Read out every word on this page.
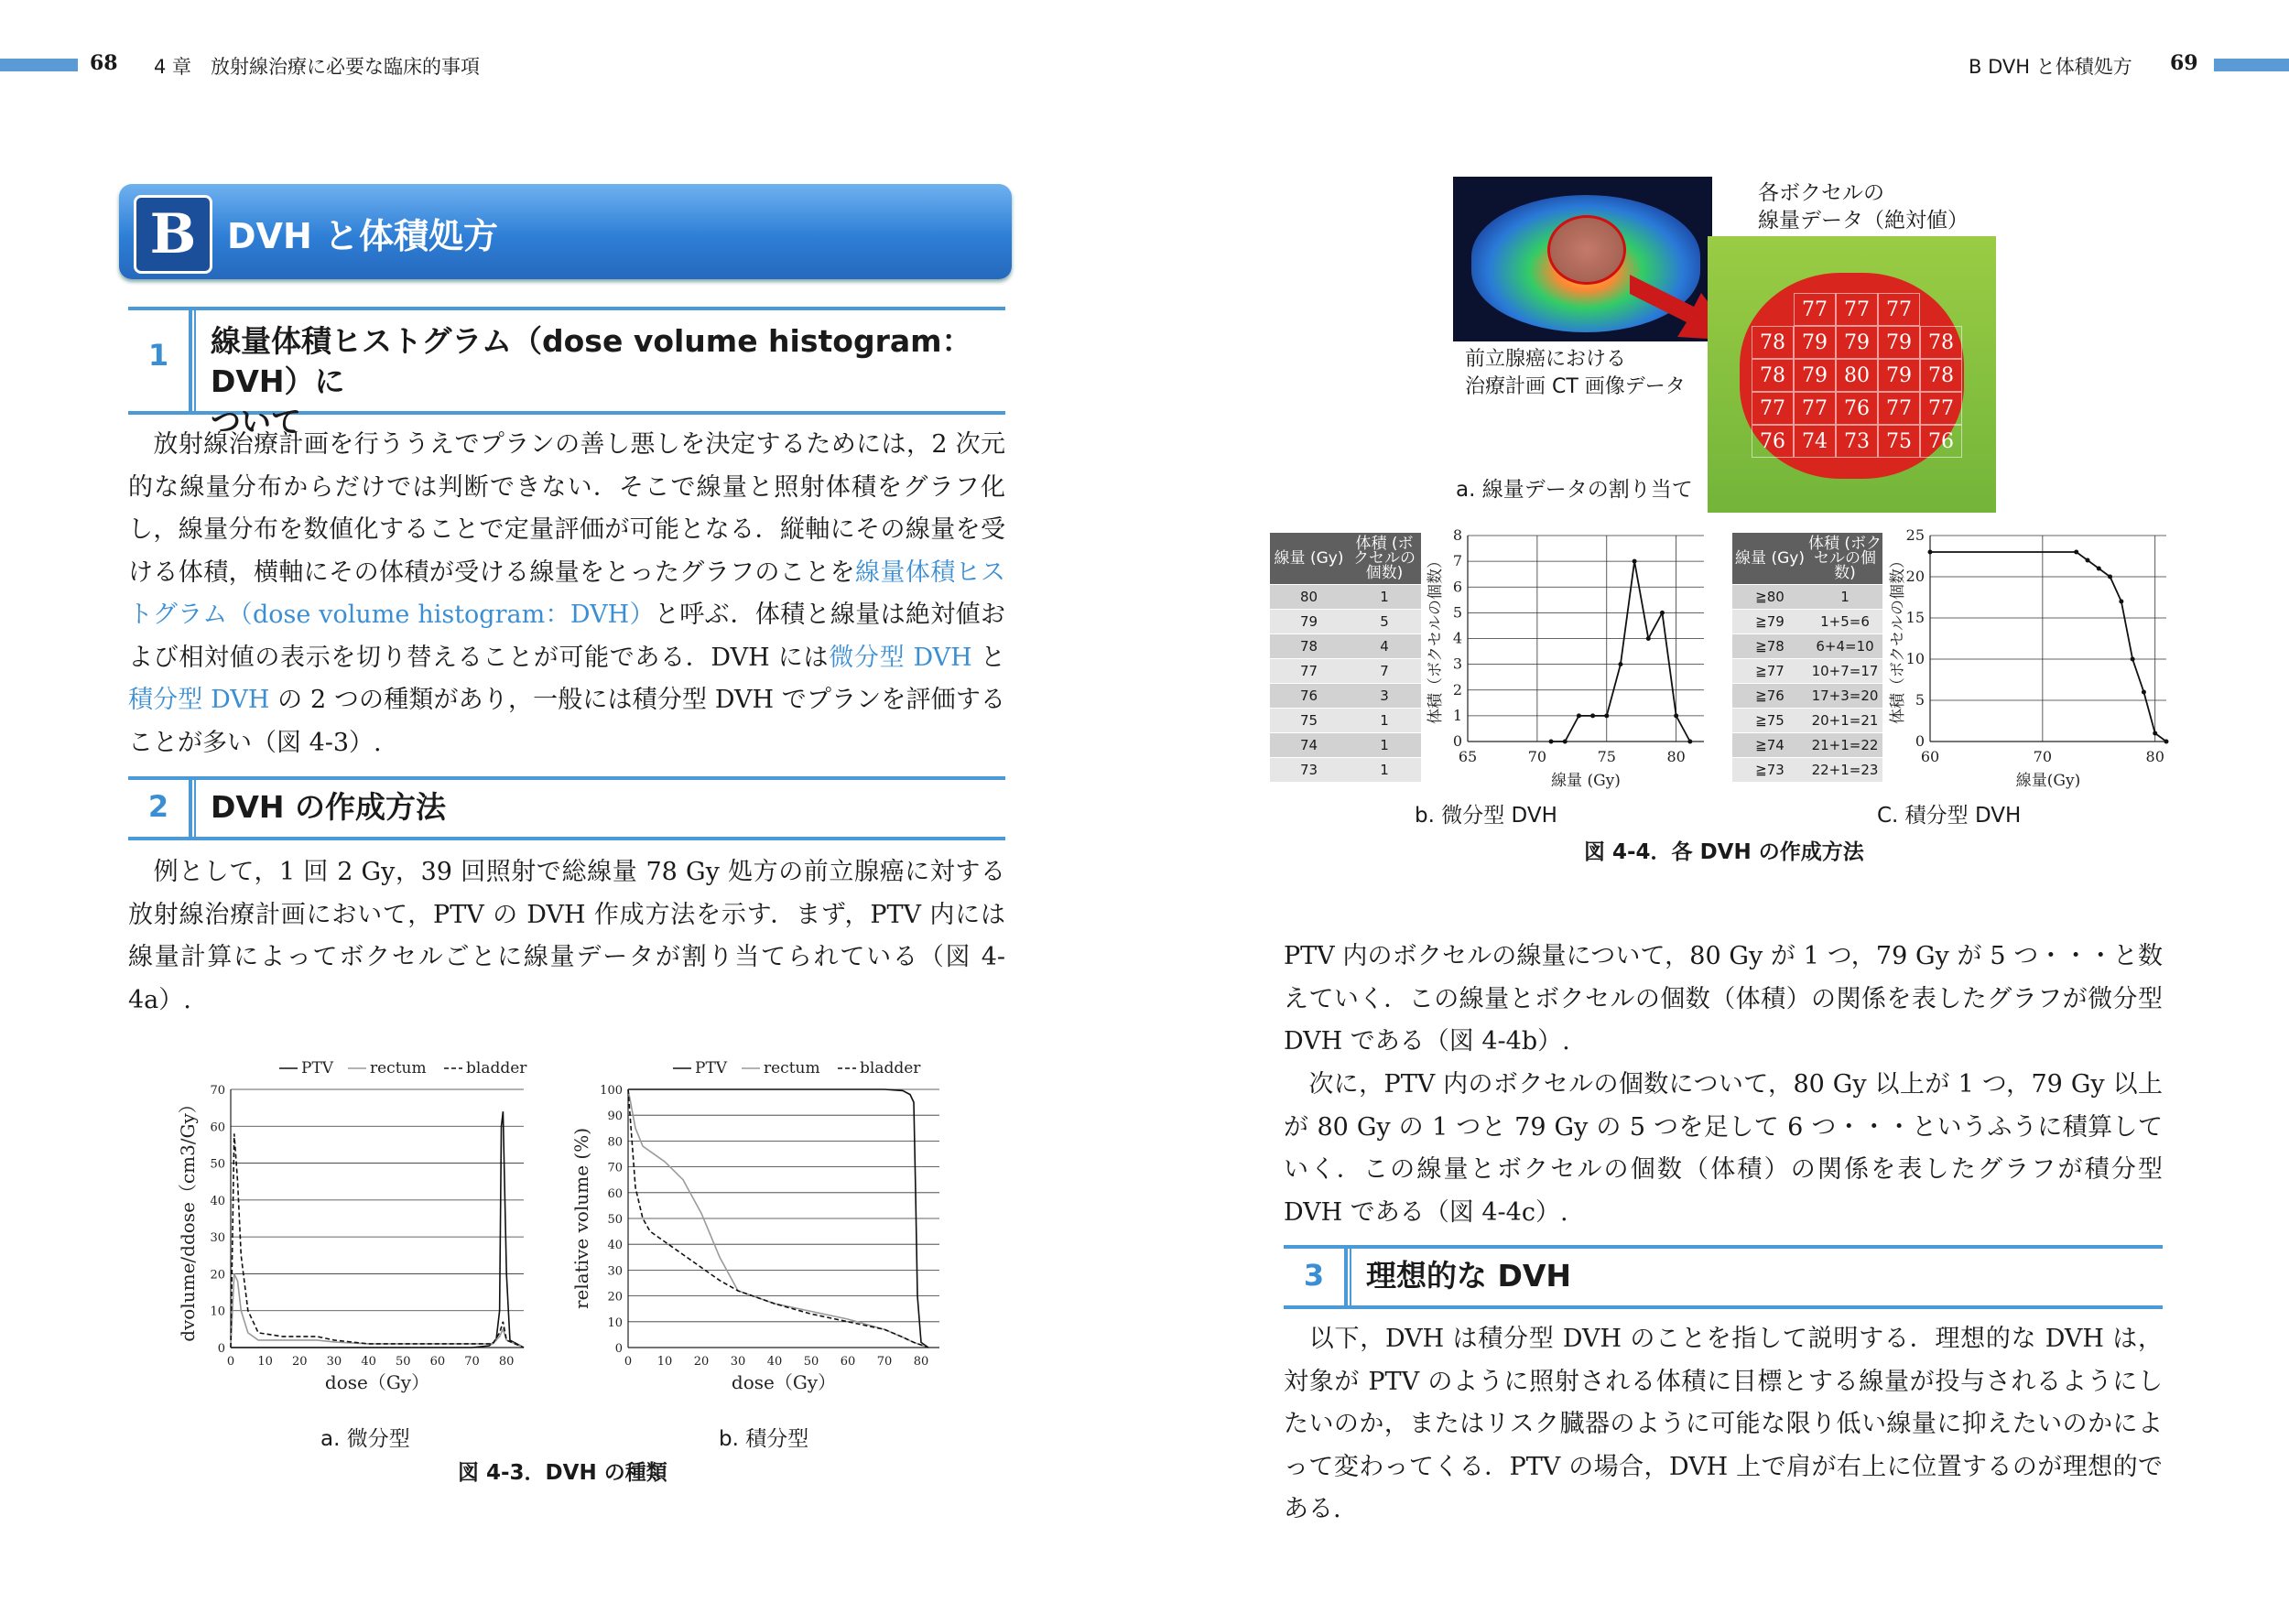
68 4 章　放射線治療に必要な臨床的事項	B DVH と体積処方 69
B DVH と体積処方
1	線量体積ヒストグラム（dose volume histogram：DVH）に
ついて
　放射線治療計画を行ううえでプランの善し悪しを決定するためには，2 次元的な線量分布からだけでは判断できない．そこで線量と照射体積をグラフ化し，線量分布を数値化することで定量評価が可能となる．縦軸にその線量を受ける体積，横軸にその体積が受ける線量をとったグラフのことを線量体積ヒストグラム（dose volume histogram：DVH）と呼ぶ．体積と線量は絶対値および相対値の表示を切り替えることが可能である．DVH には微分型 DVH と積分型 DVH の 2 つの種類があり，一般には積分型 DVH でプランを評価することが多い（図 4-3）.
2	DVH の作成方法
　例として，1 回 2 Gy，39 回照射で総線量 78 Gy 処方の前立腺癌に対する放射線治療計画において，PTV の DVH 作成方法を示す．まず，PTV 内には線量計算によってボクセルごとに線量データが割り当てられている（図 4-4a）.
0
10
20
30
40
50
60
70
0 10 20 30 40 50 60 70 80
dose（Gy）
dvolume/ddose（cm3/Gy）
PTV rectum	bladder
0
10
20
30
40
50
60
70
80
90
100
0 10 20 30 40 50 60 70 80
dose（Gy）
relative volume (%)
PTV rectum	bladder
a. 微分型	b. 積分型
図 4-3．DVH の種類
77 77 77
78 79 79 79 78
78 79 80 79 78
77 77 76 77 77
76 74 73 75 76
各ボクセルの
線量データ（絶対値）
前立腺癌における
治療計画 CT 画像データ
a. 線量データの割り当て
線量 (Gy)	体積 (ボクセルの個数)
80	1
79	5
78	4
77	7
76	3
75	1
74	1
73	1
0
1
2
3
4
5
6
7
8
65	70	75	80
線量 (Gy)
体積（ボクセルの個数）
b. 微分型 DVH
線量 (Gy)	体積 (ボクセルの個数)
≧80	1
≧79	1+5=6
≧78	6+4=10
≧77	10+7=17
≧76	17+3=20
≧75	20+1=21
≧74	21+1=22
≧73	22+1=23
0
5
10
15
20
25
60	70	80
線量(Gy)
体積（ボクセルの個数）
C. 積分型 DVH
図 4-4．各 DVH の作成方法
PTV 内のボクセルの線量について，80 Gy が 1 つ，79 Gy が 5 つ・・・と数えていく．この線量とボクセルの個数（体積）の関係を表したグラフが微分型 DVH である（図 4-4b）.
　次に，PTV 内のボクセルの個数について，80 Gy 以上が 1 つ，79 Gy 以上が 80 Gy の 1 つと 79 Gy の 5 つを足して 6 つ・・・というふうに積算していく．この線量とボクセルの個数（体積）の関係を表したグラフが積分型 DVH である（図 4-4c）.
3	理想的な DVH
　以下，DVH は積分型 DVH のことを指して説明する．理想的な DVH は，対象が PTV のように照射される体積に目標とする線量が投与されるようにしたいのか，またはリスク臓器のように可能な限り低い線量に抑えたいのかによって変わってくる．PTV の場合，DVH 上で肩が右上に位置するのが理想的である.
